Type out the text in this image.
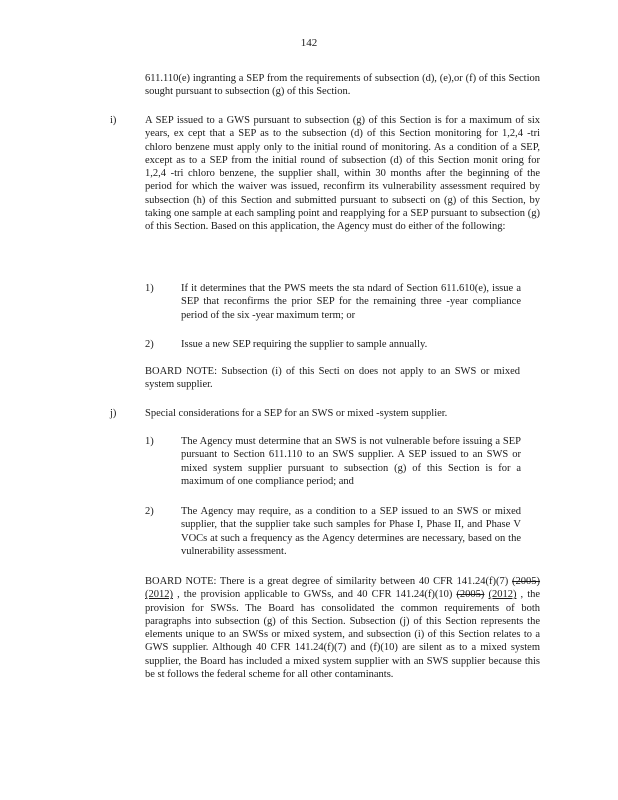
142
611.110(e) ingranting a SEP from the requirements of subsection (d), (e),or (f) of this Section sought pursuant to subsection (g) of this Section.
i)	A SEP issued to a GWS pursuant to subsection (g) of this Section is for a maximum of six years, ex cept that a SEP as to the subsection (d) of this Section monitoring for 1,2,4 -tri chloro benzene must apply only to the initial round of monitoring. As a condition of a SEP, except as to a SEP from the initial round of subsection (d) of this Section monit oring for 1,2,4 -tri chloro benzene, the supplier shall, within 30 months after the beginning of the period for which the waiver was issued, reconfirm its vulnerability assessment required by subsection (h) of this Section and submitted pursuant to subsecti on (g) of this Section, by taking one sample at each sampling point and reapplying for a SEP pursuant to subsection (g) of this Section. Based on this application, the Agency must do either of the following:
1)	If it determines that the PWS meets the sta ndard of Section 611.610(e), issue a SEP that reconfirms the prior SEP for the remaining three -year compliance period of the six -year maximum term; or
2)	Issue a new SEP requiring the supplier to sample annually.
BOARD NOTE: Subsection (i) of this Secti on does not apply to an SWS or mixed system supplier.
j)	Special considerations for a SEP for an SWS or mixed -system supplier.
1)	The Agency must determine that an SWS is not vulnerable before issuing a SEP pursuant to Section 611.110 to an SWS supplier. A SEP issued to an SWS or mixed system supplier pursuant to subsection (g) of this Section is for a maximum of one compliance period; and
2)	The Agency may require, as a condition to a SEP issued to an SWS or mixed supplier, that the supplier take such samples for Phase I, Phase II, and Phase V VOCs at such a frequency as the Agency determines are necessary, based on the vulnerability assessment.
BOARD NOTE: There is a great degree of similarity between 40 CFR 141.24(f)(7) (2005) (2012) , the provision applicable to GWSs, and 40 CFR 141.24(f)(10) (2005) (2012) , the provision for SWSs. The Board has consolidated the common requirements of both paragraphs into subsection (g) of this Section. Subsection (j) of this Section represents the elements unique to an SWSs or mixed system, and subsection (i) of this Section relates to a GWS supplier. Although 40 CFR 141.24(f)(7) and (f)(10) are silent as to a mixed system supplier, the Board has included a mixed system supplier with an SWS supplier because this be st follows the federal scheme for all other contaminants.
